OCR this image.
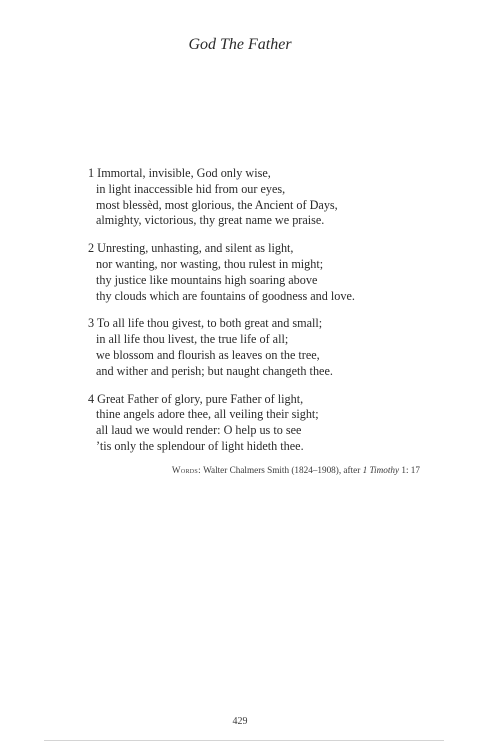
God The Father
1 Immortal, invisible, God only wise,
in light inaccessible hid from our eyes,
most blessèd, most glorious, the Ancient of Days,
almighty, victorious, thy great name we praise.
2 Unresting, unhasting, and silent as light,
nor wanting, nor wasting, thou rulest in might;
thy justice like mountains high soaring above
thy clouds which are fountains of goodness and love.
3 To all life thou givest, to both great and small;
in all life thou livest, the true life of all;
we blossom and flourish as leaves on the tree,
and wither and perish; but naught changeth thee.
4 Great Father of glory, pure Father of light,
thine angels adore thee, all veiling their sight;
all laud we would render: O help us to see
’tis only the splendour of light hideth thee.
Words: Walter Chalmers Smith (1824–1908), after 1 Timothy 1: 17
429
